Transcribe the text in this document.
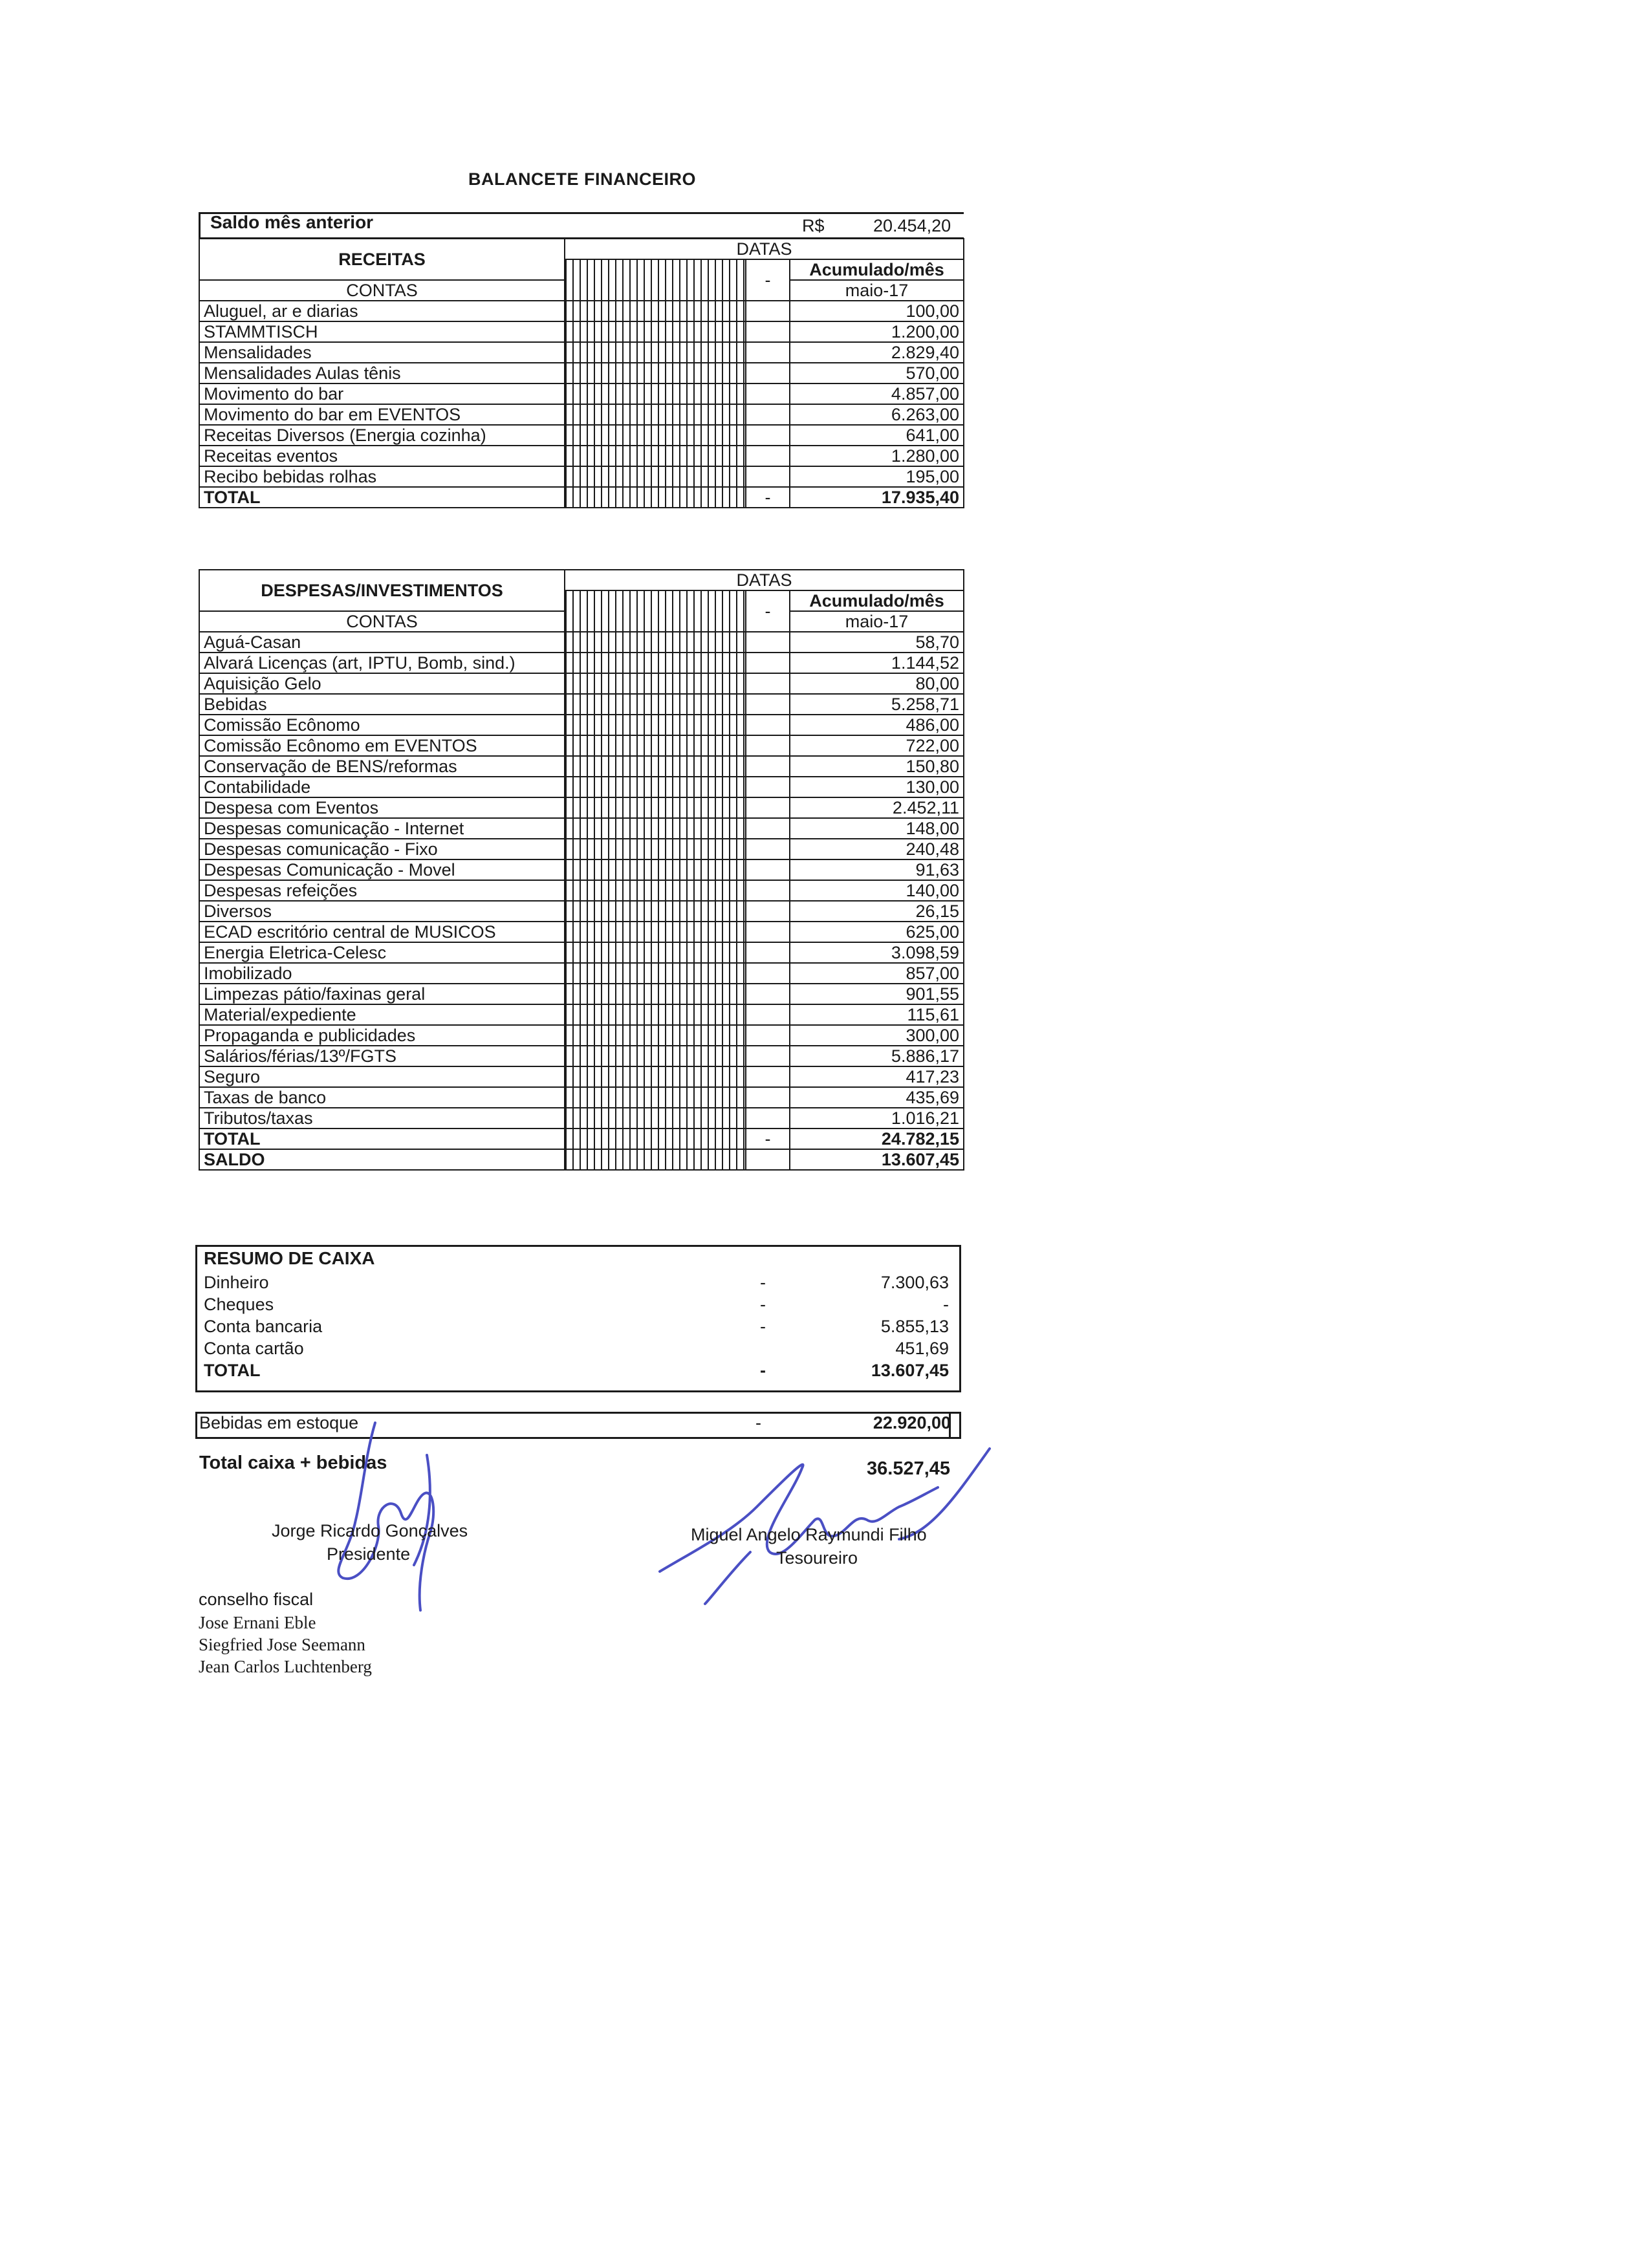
BALANCETE FINANCEIRO
Saldo mês anterior	R$	20.454,20
RECEITAS	DATAS		
		-	Acumulado/mês
CONTAS			maio-17
Aluguel, ar e diarias			100,00
STAMMTISCH			1.200,00
Mensalidades			2.829,40
Mensalidades Aulas tênis			570,00
Movimento do bar			4.857,00
Movimento do bar em EVENTOS			6.263,00
Receitas Diversos (Energia cozinha)			641,00
Receitas eventos			1.280,00
Recibo bebidas rolhas			195,00
TOTAL		-	17.935,40
DESPESAS/INVESTIMENTOS	DATAS		
		-	Acumulado/mês
CONTAS			maio-17
Aguá-Casan			58,70
Alvará Licenças (art, IPTU, Bomb, sind.)			1.144,52
Aquisição Gelo			80,00
Bebidas			5.258,71
Comissão Ecônomo			486,00
Comissão Ecônomo em EVENTOS			722,00
Conservação de BENS/reformas			150,80
Contabilidade			130,00
Despesa com Eventos			2.452,11
Despesas comunicação - Internet			148,00
Despesas comunicação - Fixo			240,48
Despesas Comunicação - Movel			91,63
Despesas refeições			140,00
Diversos			26,15
ECAD escritório central de MUSICOS			625,00
Energia Eletrica-Celesc			3.098,59
Imobilizado			857,00
Limpezas pátio/faxinas geral			901,55
Material/expediente			115,61
Propaganda e publicidades			300,00
Salários/férias/13º/FGTS			5.886,17
Seguro			417,23
Taxas de banco			435,69
Tributos/taxas			1.016,21
TOTAL		-	24.782,15
SALDO			13.607,45
RESUMO DE CAIXA
Dinheiro	-	7.300,63
Cheques	-	-
Conta bancaria	-	5.855,13
Conta cartão	451,69
TOTAL	-	13.607,45
Bebidas em estoque	-	22.920,00
Total caixa + bebidas	36.527,45
Jorge Ricardo Gonçalves
Presidente
Miguel Angelo Raymundi Filho
Tesoureiro
conselho fiscal
Jose Ernani Eble
Siegfried Jose Seemann
Jean Carlos Luchtenberg
